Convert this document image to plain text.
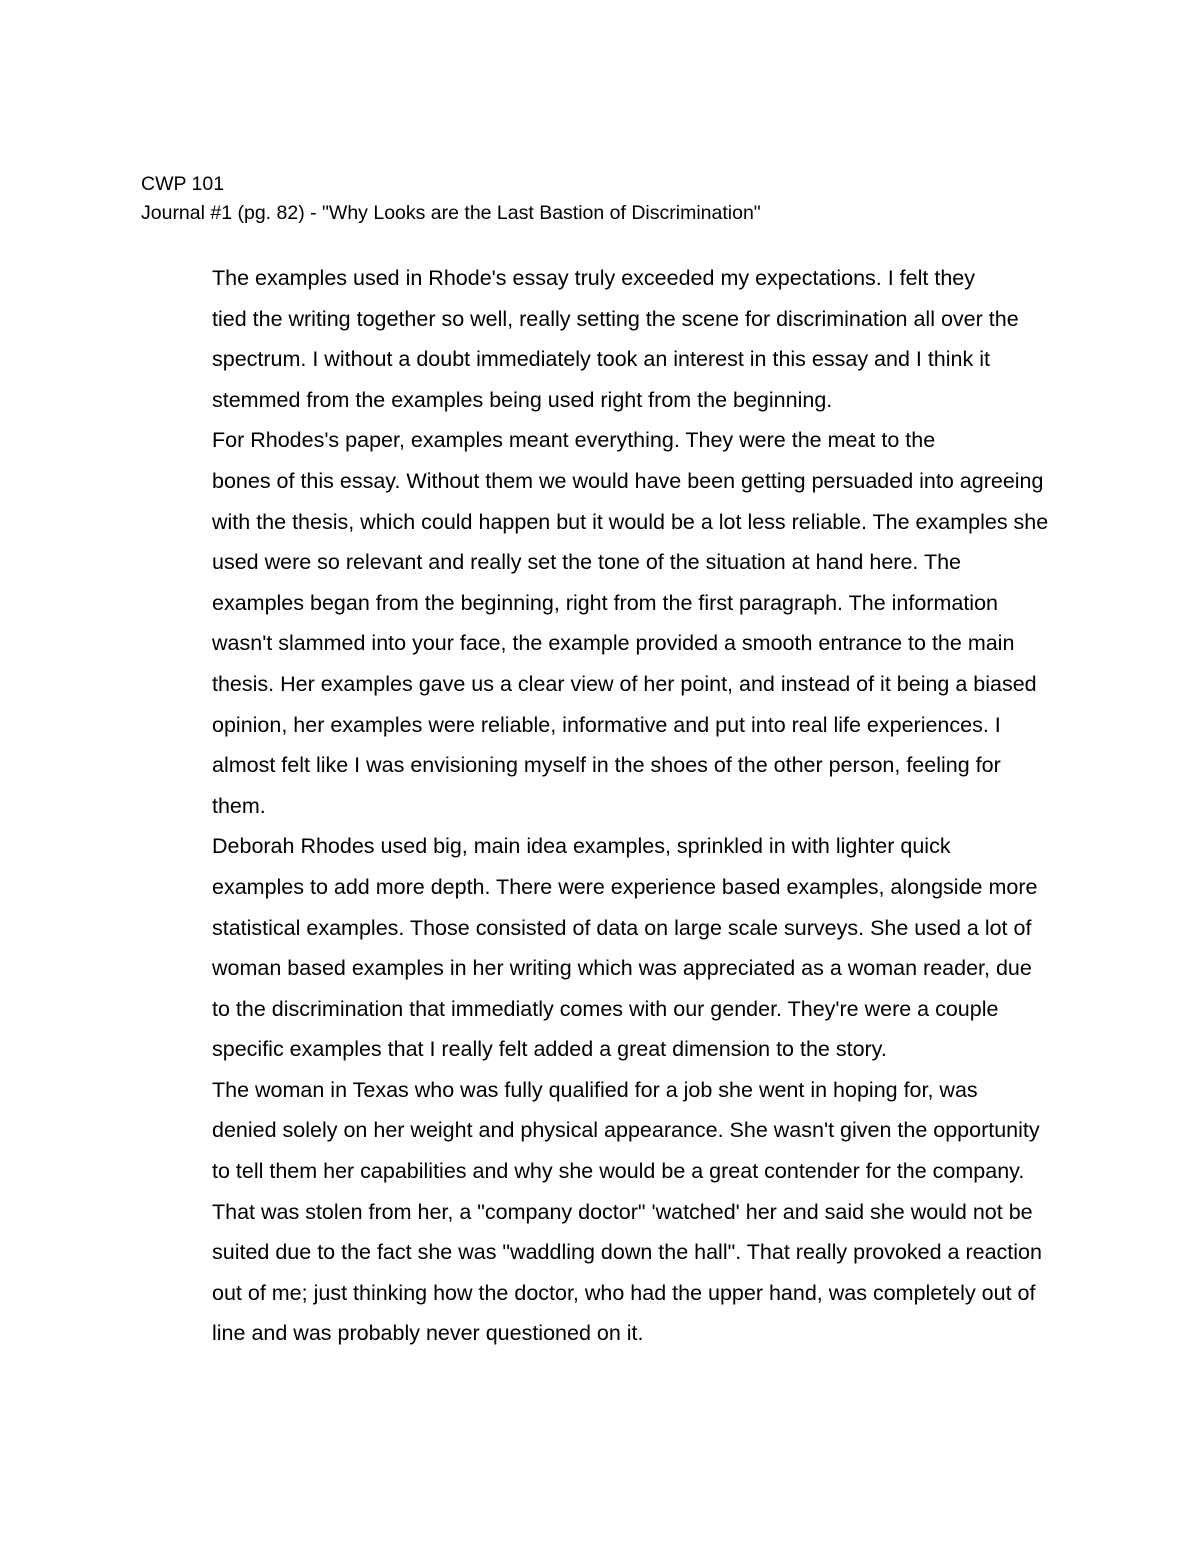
CWP 101
Journal #1 (pg. 82) - "Why Looks are the Last Bastion of Discrimination"

The examples used in Rhode's essay truly exceeded my expectations. I felt they
tied the writing together so well, really setting the scene for discrimination all over the
spectrum. I without a doubt immediately took an interest in this essay and I think it
stemmed from the examples being used right from the beginning.

For Rhodes's paper, examples meant everything. They were the meat to the
bones of this essay. Without them we would have been getting persuaded into agreeing
with the thesis, which could happen but it would be a lot less reliable. The examples she
used were so relevant and really set the tone of the situation at hand here. The
examples began from the beginning, right from the first paragraph. The information
wasn't slammed into your face, the example provided a smooth entrance to the main
thesis. Her examples gave us a clear view of her point, and instead of it being a biased
opinion, her examples were reliable, informative and put into real life experiences. I
almost felt like I was envisioning myself in the shoes of the other person, feeling for
them.

Deborah Rhodes used big, main idea examples, sprinkled in with lighter quick
examples to add more depth. There were experience based examples, alongside more
statistical examples. Those consisted of data on large scale surveys. She used a lot of
woman based examples in her writing which was appreciated as a woman reader, due
to the discrimination that immediatly comes with our gender. They're were a couple
specific examples that I really felt added a great dimension to the story.

The woman in Texas who was fully qualified for a job she went in hoping for, was
denied solely on her weight and physical appearance. She wasn't given the opportunity
to tell them her capabilities and why she would be a great contender for the company.
That was stolen from her, a "company doctor" 'watched' her and said she would not be
suited due to the fact she was "waddling down the hall". That really provoked a reaction
out of me; just thinking how the doctor, who had the upper hand, was completely out of
line and was probably never questioned on it.
